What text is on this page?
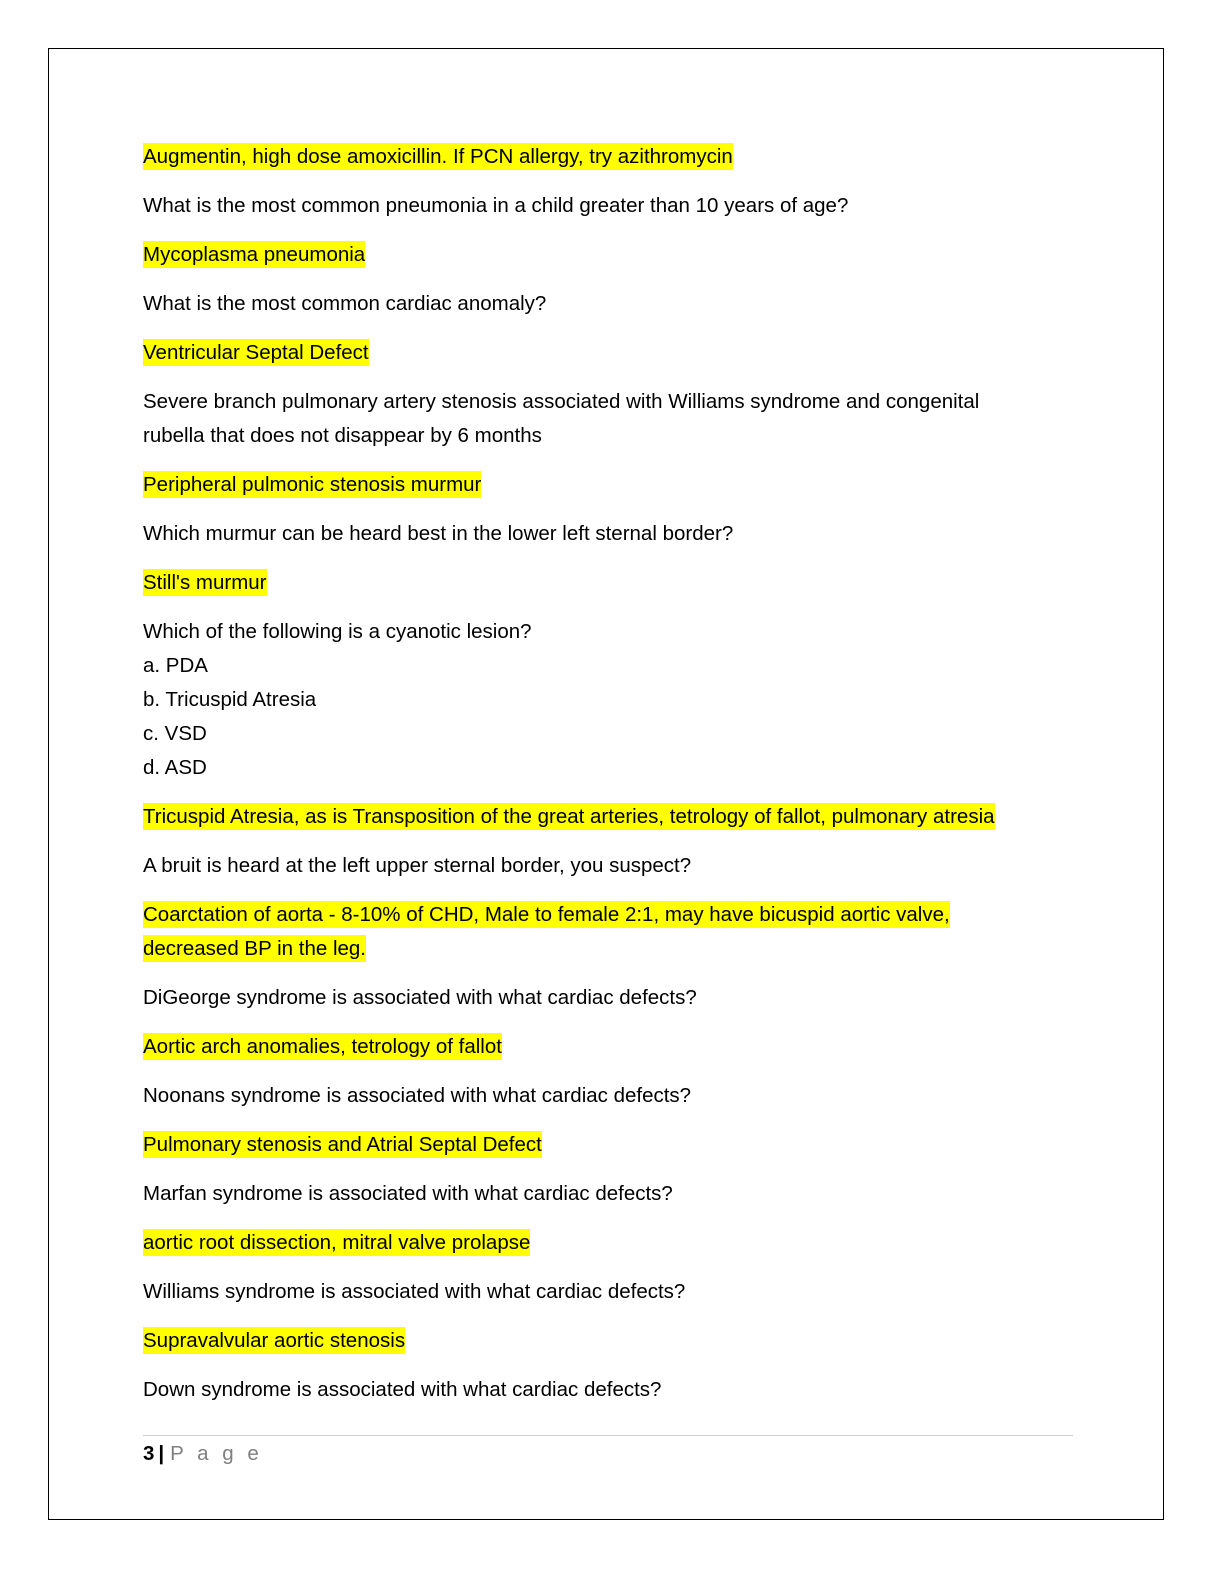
Augmentin, high dose amoxicillin. If PCN allergy, try azithromycin
What is the most common pneumonia in a child greater than 10 years of age?
Mycoplasma pneumonia
What is the most common cardiac anomaly?
Ventricular Septal Defect
Severe branch pulmonary artery stenosis associated with Williams syndrome and congenital
rubella that does not disappear by 6 months
Peripheral pulmonic stenosis murmur
Which murmur can be heard best in the lower left sternal border?
Still's murmur
Which of the following is a cyanotic lesion?
a. PDA
b. Tricuspid Atresia
c. VSD
d. ASD
Tricuspid Atresia, as is Transposition of the great arteries, tetrology of fallot, pulmonary atresia
A bruit is heard at the left upper sternal border, you suspect?
Coarctation of aorta - 8-10% of CHD, Male to female 2:1, may have bicuspid aortic valve,
decreased BP in the leg.
DiGeorge syndrome is associated with what cardiac defects?
Aortic arch anomalies, tetrology of fallot
Noonans syndrome is associated with what cardiac defects?
Pulmonary stenosis and Atrial Septal Defect
Marfan syndrome is associated with what cardiac defects?
aortic root dissection, mitral valve prolapse
Williams syndrome is associated with what cardiac defects?
Supravalvular aortic stenosis
Down syndrome is associated with what cardiac defects?
3 | P a g e
